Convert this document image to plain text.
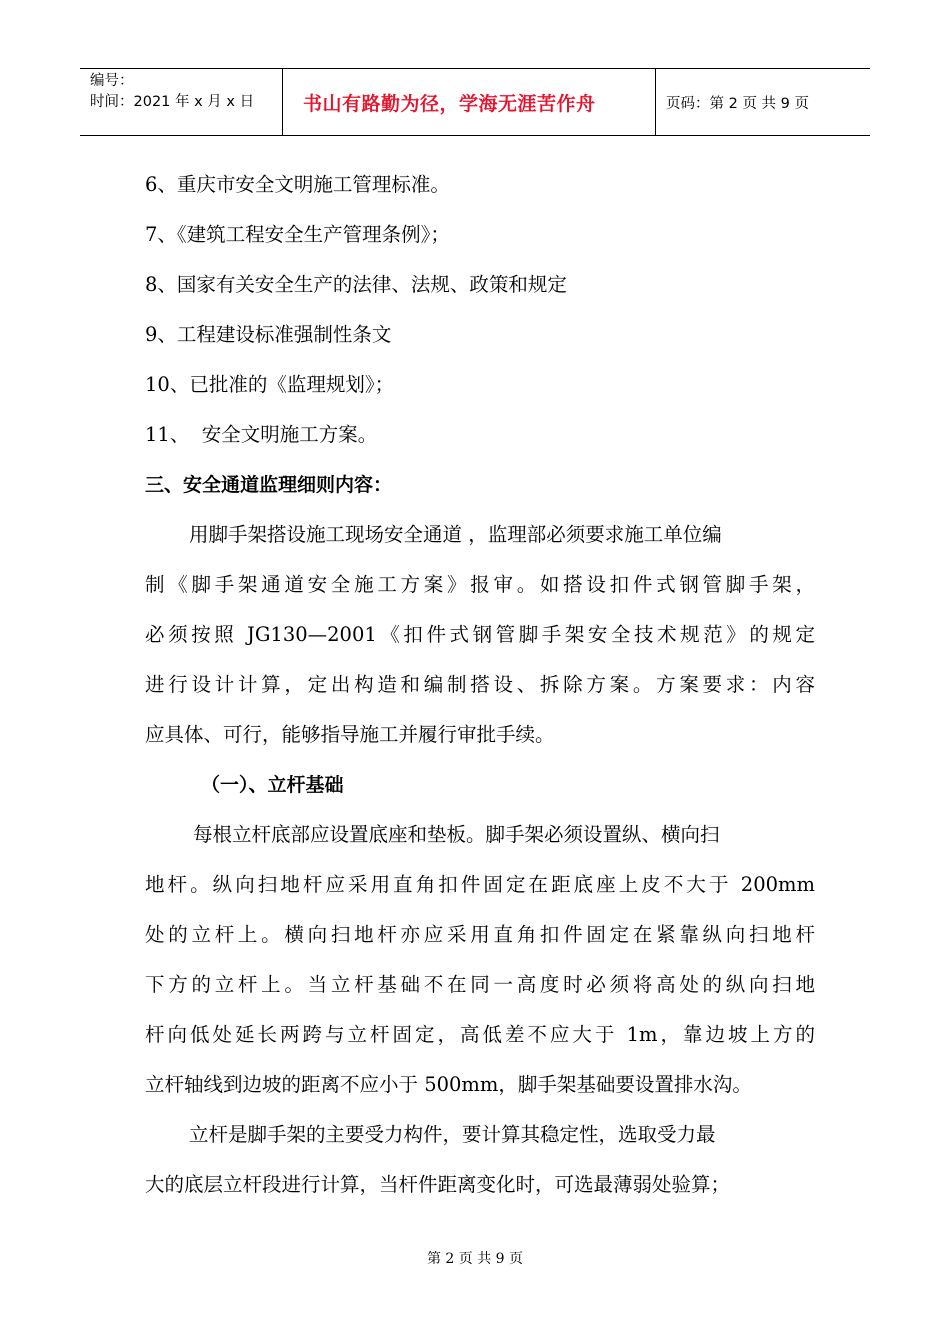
编号：
时间：2021 年 x 月 x 日	书山有路勤为径，学海无涯苦作舟	页码：第 2 页 共 9 页
6、重庆市安全文明施工管理标准。
7、《建筑工程安全生产管理条例》；
8、国家有关安全生产的法律、法规、政策和规定
9、工程建设标准强制性条文
10、已批准的《监理规划》；
11、  安全文明施工方案。
三、安全通道监理细则内容：

用脚手架搭设施工现场安全通道 ，监理部必须要求施工单位编

制《脚手架通道安全施工方案》报审。如搭设扣件式钢管脚手架，

必须按照 JG130—2001《扣件式钢管脚手架安全技术规范》的规定

进行设计计算，定出构造和编制搭设、拆除方案。方案要求：内容

应具体、可行，能够指导施工并履行审批手续。

（一）、立杆基础

每根立杆底部应设置底座和垫板。脚手架必须设置纵、横向扫

地杆。纵向扫地杆应采用直角扣件固定在距底座上皮不大于 200mm

处的立杆上。横向扫地杆亦应采用直角扣件固定在紧靠纵向扫地杆

下方的立杆上。当立杆基础不在同一高度时必须将高处的纵向扫地

杆向低处延长两跨与立杆固定，高低差不应大于 1m，靠边坡上方的

立杆轴线到边坡的距离不应小于 500mm，脚手架基础要设置排水沟。

立杆是脚手架的主要受力构件，要计算其稳定性，选取受力最

大的底层立杆段进行计算，当杆件距离变化时，可选最薄弱处验算；

第 2 页 共 9 页
